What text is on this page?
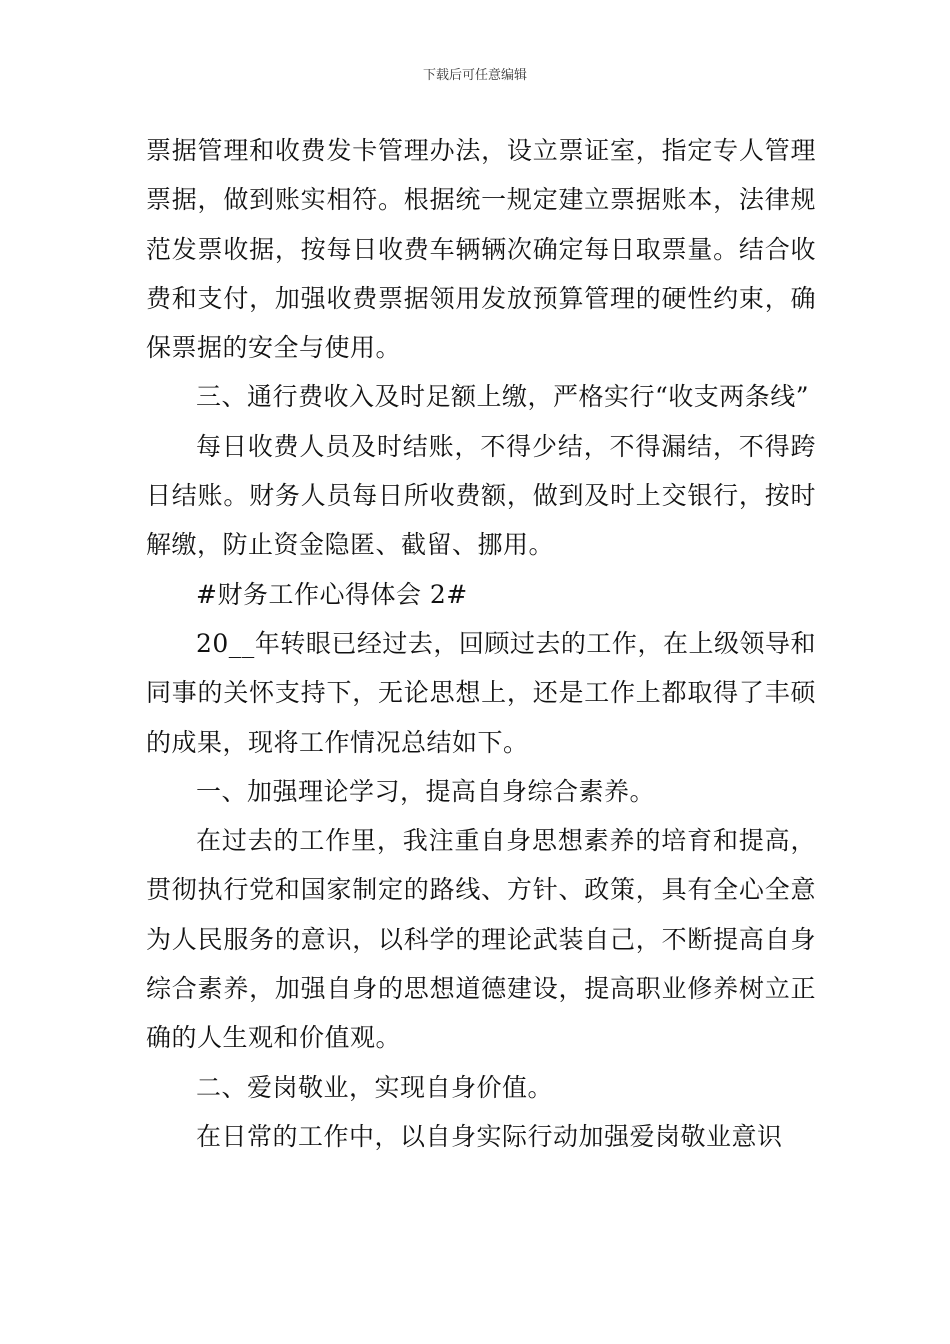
下载后可任意编辑

票据管理和收费发卡管理办法，设立票证室，指定专人管理票据，做到账实相符。根据统一规定建立票据账本，法律规范发票收据，按每日收费车辆辆次确定每日取票量。结合收费和支付，加强收费票据领用发放预算管理的硬性约束，确保票据的安全与使用。

三、通行费收入及时足额上缴，严格实行“收支两条线”

每日收费人员及时结账，不得少结，不得漏结，不得跨日结账。财务人员每日所收费额，做到及时上交银行，按时解缴，防止资金隐匿、截留、挪用。

#财务工作心得体会 2#

20__年转眼已经过去，回顾过去的工作，在上级领导和同事的关怀支持下，无论思想上，还是工作上都取得了丰硕的成果，现将工作情况总结如下。

一、加强理论学习，提高自身综合素养。

在过去的工作里，我注重自身思想素养的培育和提高，贯彻执行党和国家制定的路线、方针、政策，具有全心全意为人民服务的意识，以科学的理论武装自己，不断提高自身综合素养，加强自身的思想道德建设，提高职业修养树立正确的人生观和价值观。

二、爱岗敬业，实现自身价值。

在日常的工作中，以自身实际行动加强爱岗敬业意识
